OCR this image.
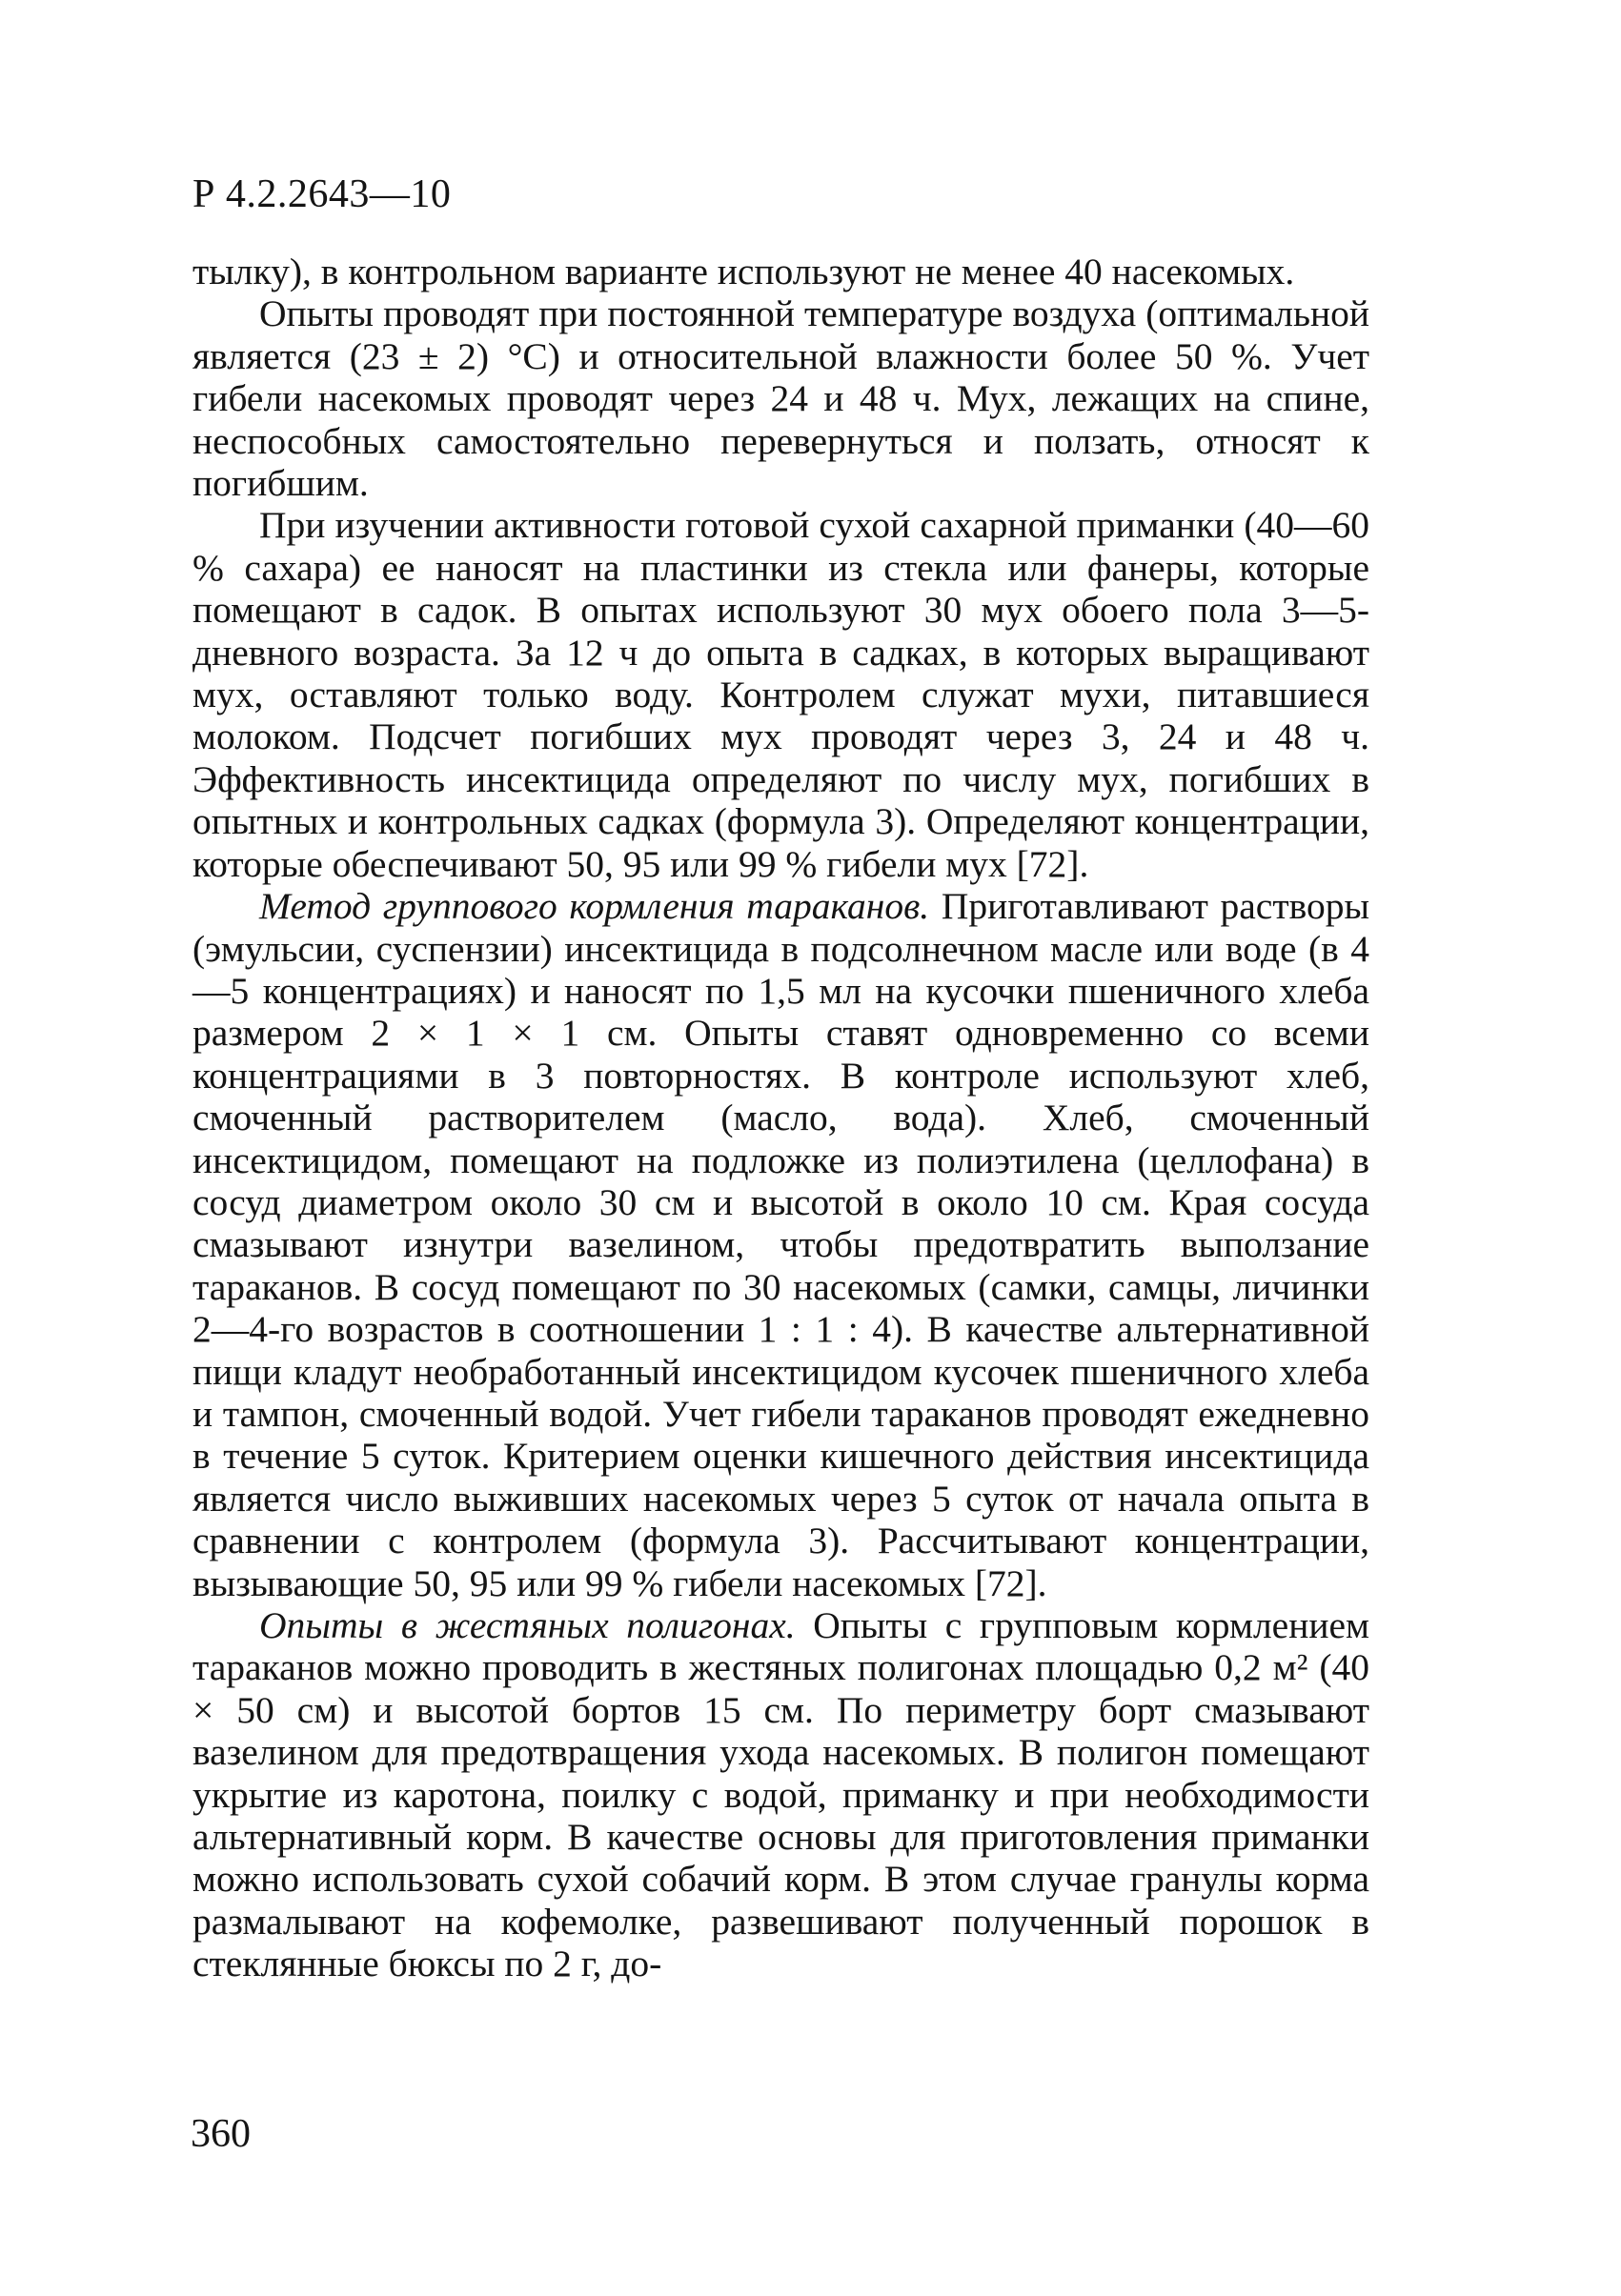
Р 4.2.2643—10

тылку), в контрольном варианте используют не менее 40 насекомых.

Опыты проводят при постоянной температуре воздуха (оптимальной является (23 ± 2) °С) и относительной влажности более 50 %. Учет гибели насекомых проводят через 24 и 48 ч. Мух, лежащих на спине, неспособных самостоятельно перевернуться и ползать, относят к погибшим.

При изучении активности готовой сухой сахарной приманки (40—60 % сахара) ее наносят на пластинки из стекла или фанеры, которые помещают в садок. В опытах используют 30 мух обоего пола 3—5-дневного возраста. За 12 ч до опыта в садках, в которых выращивают мух, оставляют только воду. Контролем служат мухи, питавшиеся молоком. Подсчет погибших мух проводят через 3, 24 и 48 ч. Эффективность инсектицида определяют по числу мух, погибших в опытных и контрольных садках (формула 3). Определяют концентрации, которые обеспечивают 50, 95 или 99 % гибели мух [72].

Метод группового кормления тараканов. Приготавливают растворы (эмульсии, суспензии) инсектицида в подсолнечном масле или воде (в 4—5 концентрациях) и наносят по 1,5 мл на кусочки пшеничного хлеба размером 2 × 1 × 1 см. Опыты ставят одновременно со всеми концентрациями в 3 повторностях. В контроле используют хлеб, смоченный растворителем (масло, вода). Хлеб, смоченный инсектицидом, помещают на подложке из полиэтилена (целлофана) в сосуд диаметром около 30 см и высотой в около 10 см. Края сосуда смазывают изнутри вазелином, чтобы предотвратить выползание тараканов. В сосуд помещают по 30 насекомых (самки, самцы, личинки 2—4-го возрастов в соотношении 1 : 1 : 4). В качестве альтернативной пищи кладут необработанный инсектицидом кусочек пшеничного хлеба и тампон, смоченный водой. Учет гибели тараканов проводят ежедневно в течение 5 суток. Критерием оценки кишечного действия инсектицида является число выживших насекомых через 5 суток от начала опыта в сравнении с контролем (формула 3). Рассчитывают концентрации, вызывающие 50, 95 или 99 % гибели насекомых [72].

Опыты в жестяных полигонах. Опыты с групповым кормлением тараканов можно проводить в жестяных полигонах площадью 0,2 м² (40 × 50 см) и высотой бортов 15 см. По периметру борт смазывают вазелином для предотвращения ухода насекомых. В полигон помещают укрытие из каротона, поилку с водой, приманку и при необходимости альтернативный корм. В качестве основы для приготовления приманки можно использовать сухой собачий корм. В этом случае гранулы корма размалывают на кофемолке, развешивают полученный порошок в стеклянные бюксы по 2 г, до-

360
